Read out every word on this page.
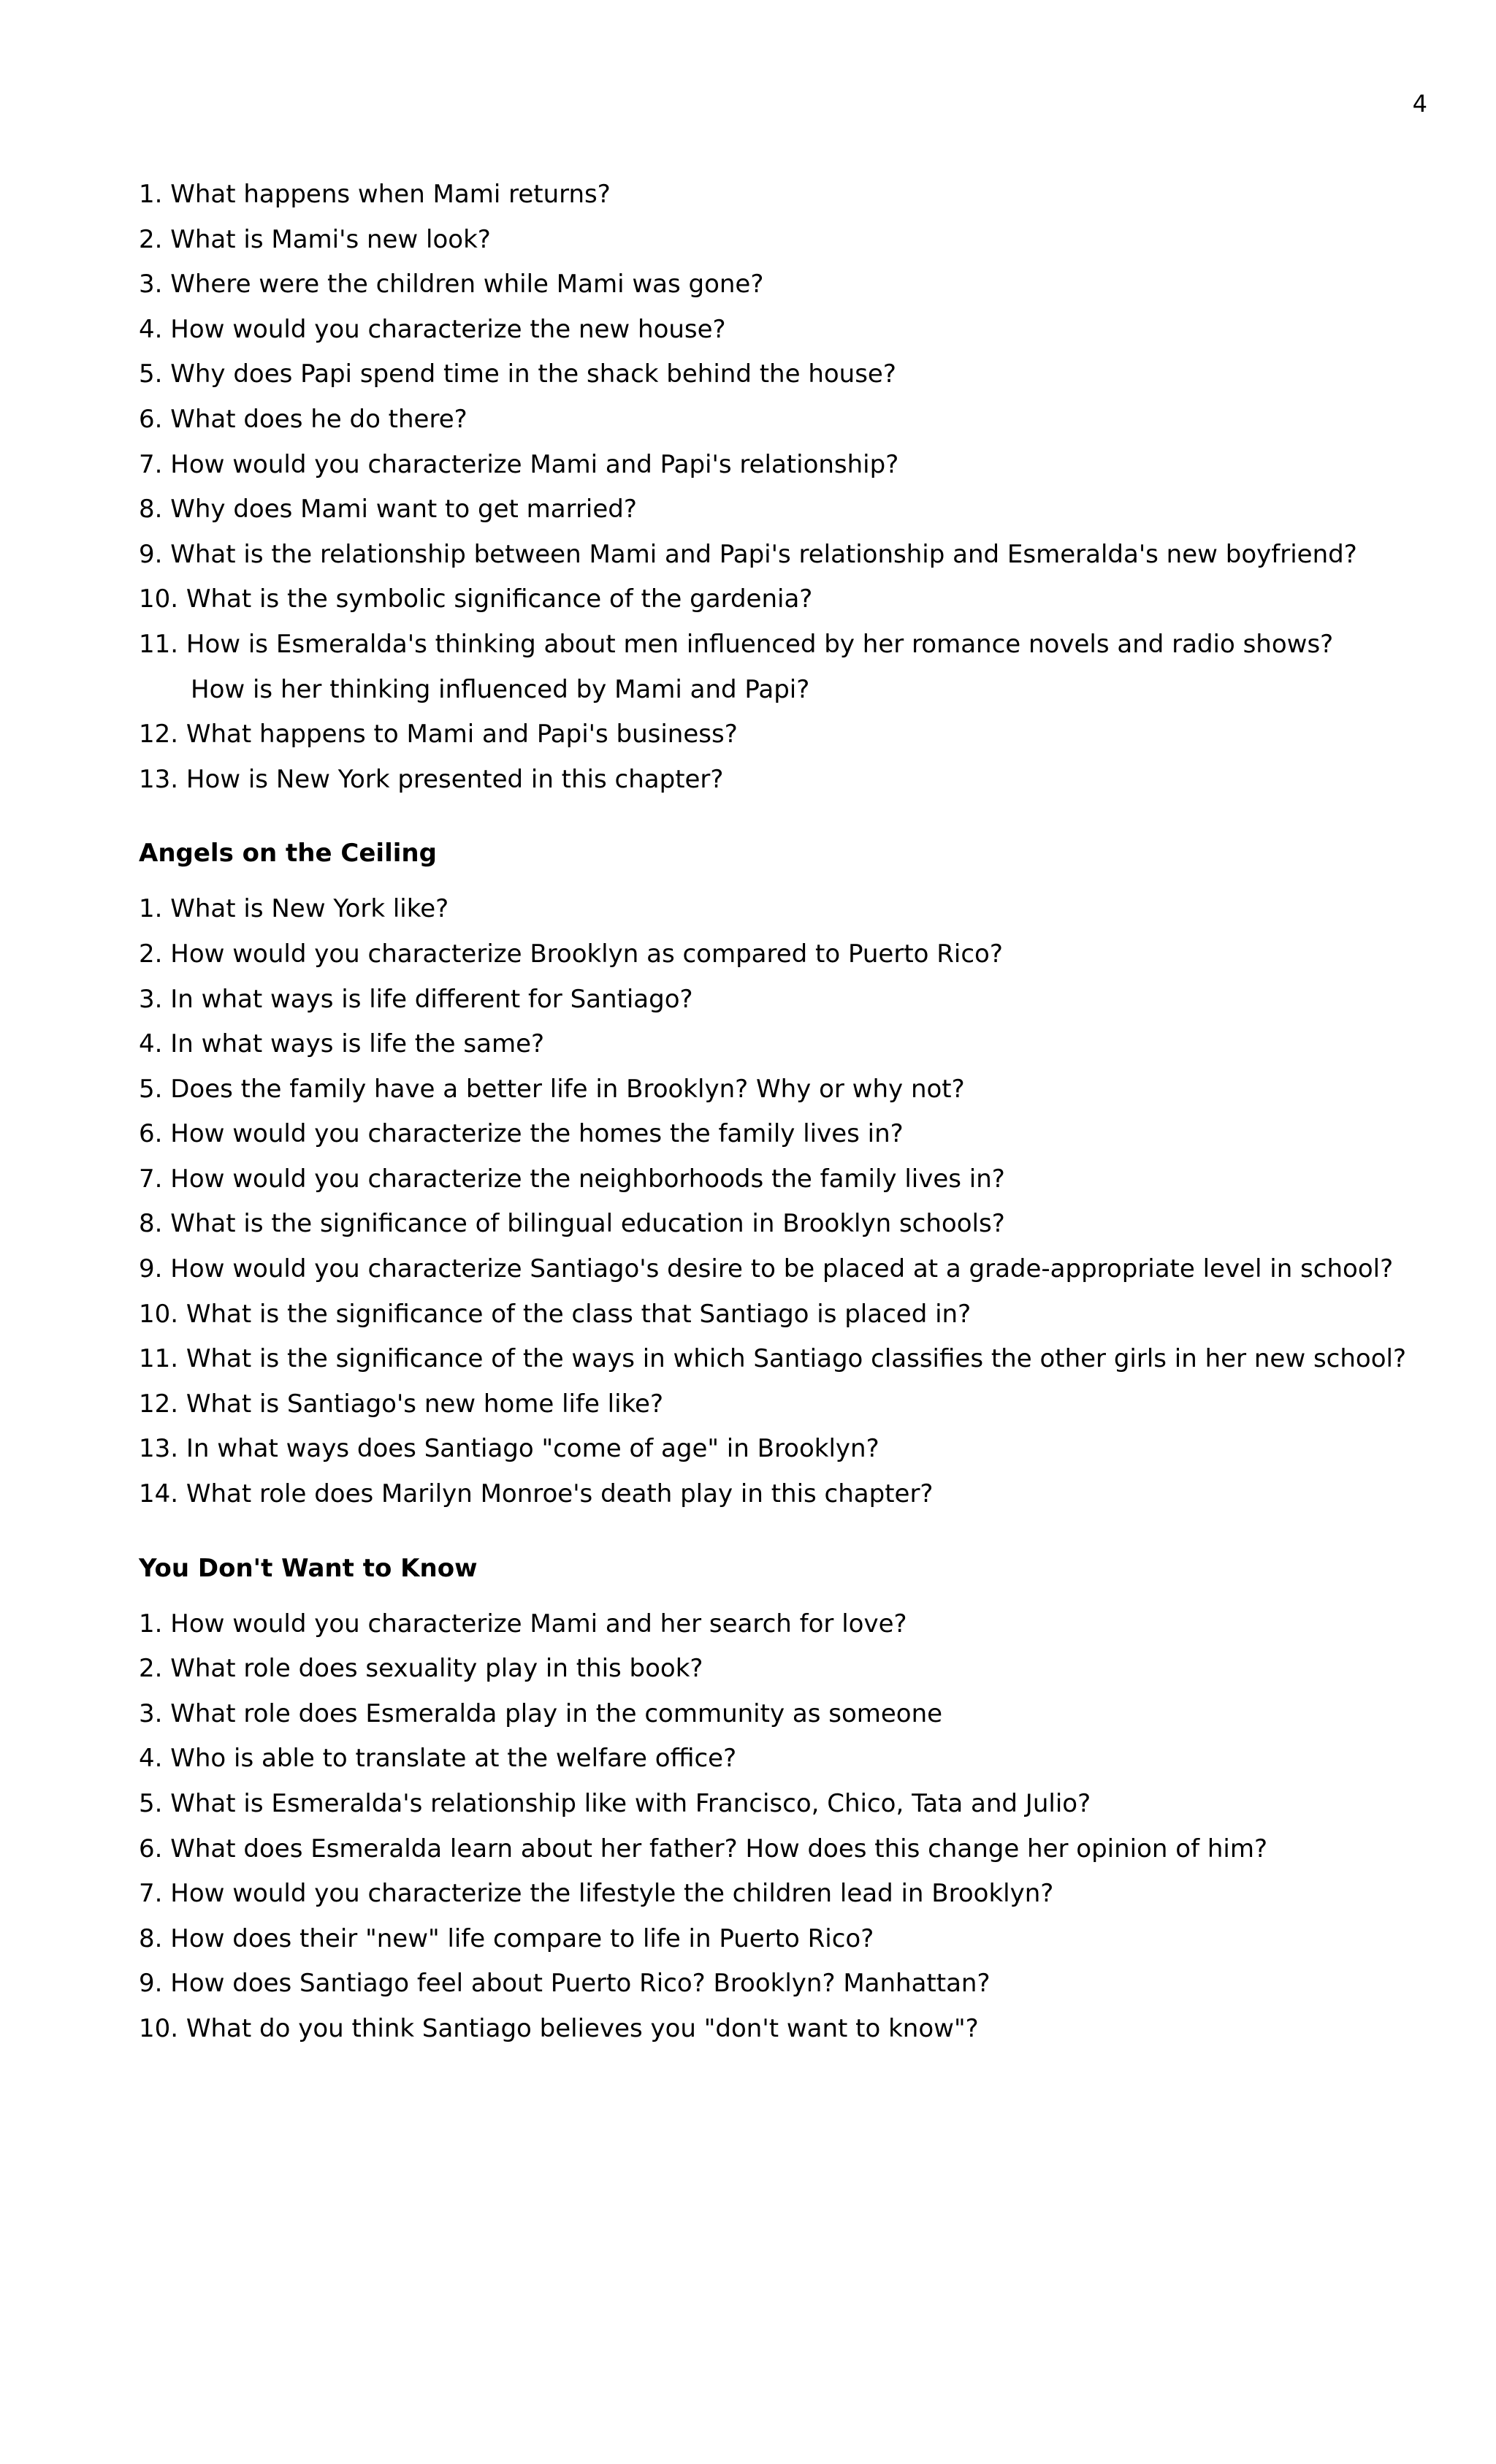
4
1. What happens when Mami returns?
2. What is Mami's new look?
3. Where were the children while Mami was gone?
4. How would you characterize the new house?
5. Why does Papi spend time in the shack behind the house?
6. What does he do there?
7. How would you characterize Mami and Papi's relationship?
8. Why does Mami want to get married?
9. What is the relationship between Mami and Papi's relationship and Esmeralda's new boyfriend?
10. What is the symbolic significance of the gardenia?
11. How is Esmeralda's thinking about men influenced by her romance novels and radio shows?
How is her thinking influenced by Mami and Papi?
12. What happens to Mami and Papi's business?
13. How is New York presented in this chapter?
Angels on the Ceiling
1. What is New York like?
2. How would you characterize Brooklyn as compared to Puerto Rico?
3. In what ways is life different for Santiago?
4. In what ways is life the same?
5. Does the family have a better life in Brooklyn? Why or why not?
6. How would you characterize the homes the family lives in?
7. How would you characterize the neighborhoods the family lives in?
8. What is the significance of bilingual education in Brooklyn schools?
9. How would you characterize Santiago's desire to be placed at a grade-appropriate level in school?
10. What is the significance of the class that Santiago is placed in?
11. What is the significance of the ways in which Santiago classifies the other girls in her new school?
12. What is Santiago's new home life like?
13. In what ways does Santiago "come of age" in Brooklyn?
14. What role does Marilyn Monroe's death play in this chapter?
You Don't Want to Know
1. How would you characterize Mami and her search for love?
2. What role does sexuality play in this book?
3. What role does Esmeralda play in the community as someone
4. Who is able to translate at the welfare office?
5. What is Esmeralda's relationship like with Francisco, Chico, Tata and Julio?
6. What does Esmeralda learn about her father? How does this change her opinion of him?
7. How would you characterize the lifestyle the children lead in Brooklyn?
8. How does their "new" life compare to life in Puerto Rico?
9. How does Santiago feel about Puerto Rico? Brooklyn? Manhattan?
10. What do you think Santiago believes you "don't want to know"?
